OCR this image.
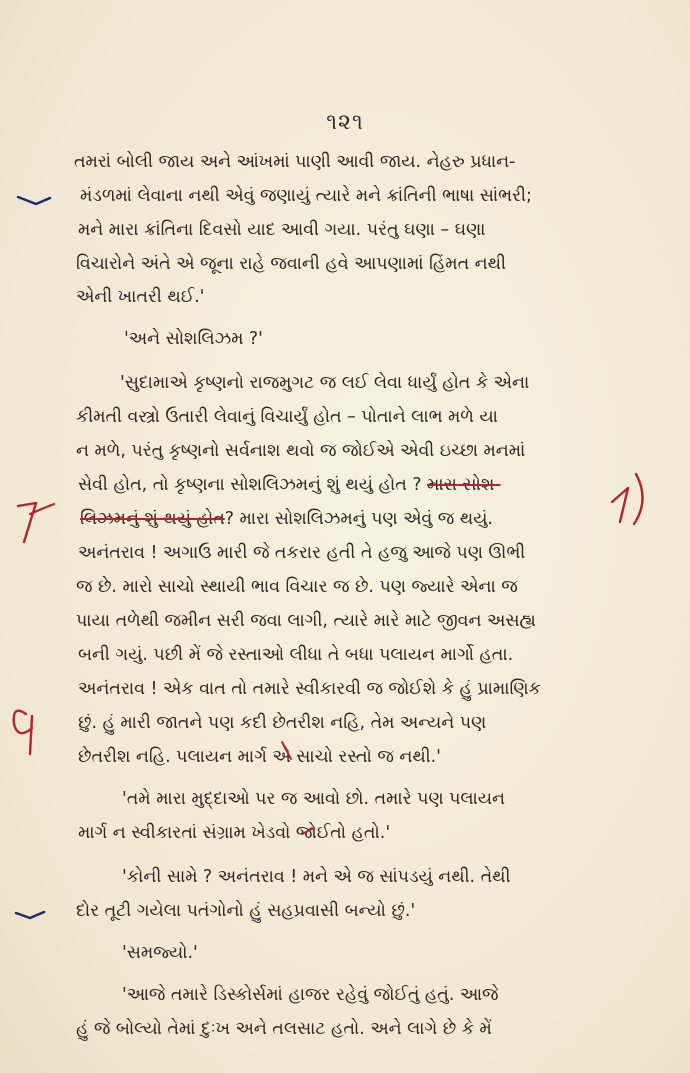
૧૨૧
તમરાં બોલી જાય અને આંખમાં પાણી આવી જાય. નેહરુ પ્રધાન-
મંડળમાં લેવાના નથી એવું જણાયું ત્યારે મને ક્રાંતિની ભાષા સાંભરી;
મને મારા ક્રાંતિના દિવસો યાદ આવી ગયા. પરંતુ ઘણા – ઘણા
વિચારોને અંતે એ જૂના રાહે જવાની હવે આપણામાં હિંમત નથી
એની ખાતરી થઈ.'
'અને સોશલિઝમ ?'
'સુદામાએ કૃષ્ણનો રાજમુગટ જ લઈ લેવા ધાર્યું હોત કે એના
કીમતી વસ્ત્રો ઉતારી લેવાનું વિચાર્યું હોત – પોતાને લાભ મળે યા
ન મળે, પરંતુ કૃષ્ણનો સર્વનાશ થવો જ જોઈએ એવી ઇચ્છા મનમાં
સેવી હોત, તો કૃષ્ણના સોશલિઝમનું શું થયું હોત ? મારા સોશ-
લિઝમનું શું થયું હોત? મારા સોશલિઝમનું પણ એવું જ થયું.
અનંતરાવ ! અગાઉ મારી જે તકરાર હતી તે હજુ આજે પણ ઊભી
જ છે. મારો સાચો સ્થાયી ભાવ વિચાર જ છે. પણ જ્યારે એના જ
પાયા તળેથી જમીન સરી જવા લાગી, ત્યારે મારે માટે જીવન અસહ્ય
બની ગયું. પછી મેં જે રસ્તાઓ લીધા તે બધા પલાયન માર્ગો હતા.
અનંતરાવ ! એક વાત તો તમારે સ્વીકારવી જ જોઈશે કે હું પ્રામાણિક
છું. હું મારી જાતને પણ કદી છેતરીશ નહિ, તેમ અન્યને પણ
છેતરીશ નહિ. પલાયન માર્ગ એ સાચો રસ્તો જ નથી.'
'તમે મારા મુદ્દાઓ પર જ આવો છો. તમારે પણ પલાયન
માર્ગ ન સ્વીકારતાં સંગ્રામ ખેડવો જોઈતો હતો.'
'કોની સામે ? અનંતરાવ ! મને એ જ સાંપડયું નથી. તેથી
દોર તૂટી ગયેલા પતંગોનો હું સહપ્રવાસી બન્યો છું.'
'સમજ્યો.'
'આજે તમારે ડિસ્કોર્સમાં હાજર રહેવું જોઈતું હતું. આજે
હું જે બોલ્યો તેમાં દુઃખ અને તલસાટ હતો. અને લાગે છે કે મેં
